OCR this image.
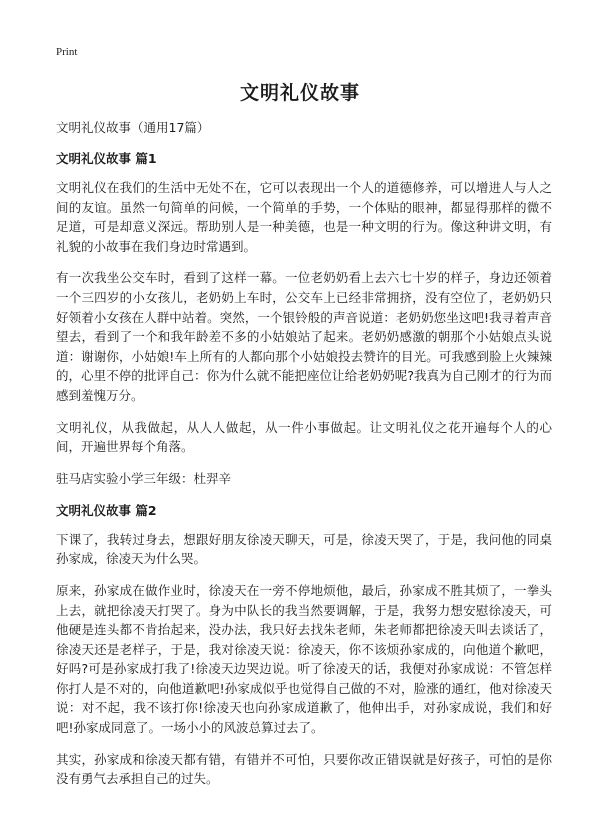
Print
文明礼仪故事
文明礼仪故事（通用17篇）
文明礼仪故事 篇1

文明礼仪在我们的生活中无处不在，它可以表现出一个人的道德修养，可以增进人与人之间的友谊。虽然一句简单的问候，一个简单的手势，一个体贴的眼神，都显得那样的微不足道，可是却意义深远。帮助别人是一种美德，也是一种文明的行为。像这种讲文明，有礼貌的小故事在我们身边时常遇到。

有一次我坐公交车时，看到了这样一幕。一位老奶奶看上去六七十岁的样子，身边还领着一个三四岁的小女孩儿，老奶奶上车时，公交车上已经非常拥挤，没有空位了，老奶奶只好领着小女孩在人群中站着。突然，一个银铃般的声音说道：老奶奶您坐这吧!我寻着声音望去，看到了一个和我年龄差不多的小姑娘站了起来。老奶奶感激的朝那个小姑娘点头说道：谢谢你，小姑娘!车上所有的人都向那个小姑娘投去赞许的目光。可我感到脸上火辣辣的，心里不停的批评自己：你为什么就不能把座位让给老奶奶呢?我真为自己刚才的行为而感到羞愧万分。

文明礼仪，从我做起，从人人做起，从一件小事做起。让文明礼仪之花开遍每个人的心间，开遍世界每个角落。

驻马店实验小学三年级：杜羿辛
文明礼仪故事 篇2

下课了，我转过身去，想跟好朋友徐凌天聊天，可是，徐凌天哭了，于是，我问他的同桌孙家成，徐凌天为什么哭。

原来，孙家成在做作业时，徐凌天在一旁不停地烦他，最后，孙家成不胜其烦了，一拳头上去，就把徐凌天打哭了。身为中队长的我当然要调解，于是，我努力想安慰徐凌天，可他硬是连头都不肯抬起来，没办法，我只好去找朱老师，朱老师都把徐凌天叫去谈话了，徐凌天还是老样子，于是，我对徐凌天说：徐凌天，你不该烦孙家成的，向他道个歉吧，好吗?可是孙家成打我了!徐凌天边哭边说。听了徐凌天的话，我便对孙家成说：不管怎样你打人是不对的，向他道歉吧!孙家成似乎也觉得自己做的不对，脸涨的通红，他对徐凌天说：对不起，我不该打你!徐凌天也向孙家成道歉了，他伸出手，对孙家成说，我们和好吧!孙家成同意了。一场小小的风波总算过去了。

其实，孙家成和徐凌天都有错，有错并不可怕，只要你改正错误就是好孩子，可怕的是你没有勇气去承担自己的过失。
